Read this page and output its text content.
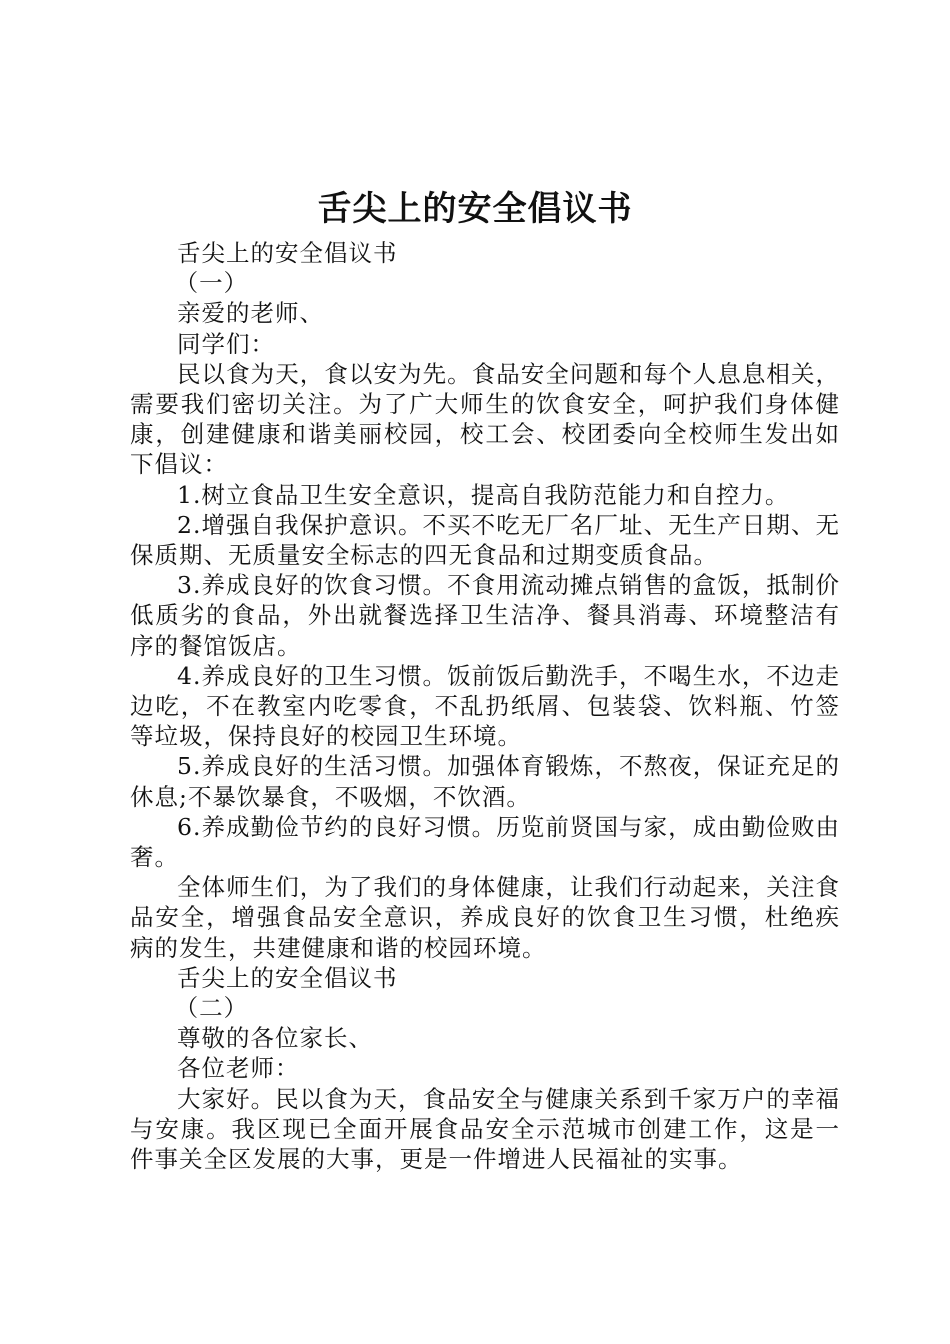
舌尖上的安全倡议书

舌尖上的安全倡议书

（一）

亲爱的老师、

同学们：

民以食为天，食以安为先。食品安全问题和每个人息息相关，需要我们密切关注。为了广大师生的饮食安全，呵护我们身体健康，创建健康和谐美丽校园，校工会、校团委向全校师生发出如下倡议：

1.树立食品卫生安全意识，提高自我防范能力和自控力。

2.增强自我保护意识。不买不吃无厂名厂址、无生产日期、无保质期、无质量安全标志的四无食品和过期变质食品。

3.养成良好的饮食习惯。不食用流动摊点销售的盒饭，抵制价低质劣的食品，外出就餐选择卫生洁净、餐具消毒、环境整洁有序的餐馆饭店。

4.养成良好的卫生习惯。饭前饭后勤洗手，不喝生水，不边走边吃，不在教室内吃零食，不乱扔纸屑、包装袋、饮料瓶、竹签等垃圾，保持良好的校园卫生环境。

5.养成良好的生活习惯。加强体育锻炼，不熬夜，保证充足的休息;不暴饮暴食，不吸烟，不饮酒。

6.养成勤俭节约的良好习惯。历览前贤国与家，成由勤俭败由奢。

全体师生们，为了我们的身体健康，让我们行动起来，关注食品安全，增强食品安全意识，养成良好的饮食卫生习惯，杜绝疾病的发生，共建健康和谐的校园环境。

舌尖上的安全倡议书

（二）

尊敬的各位家长、

各位老师：

大家好。民以食为天，食品安全与健康关系到千家万户的幸福与安康。我区现已全面开展食品安全示范城市创建工作，这是一件事关全区发展的大事，更是一件增进人民福祉的实事。
